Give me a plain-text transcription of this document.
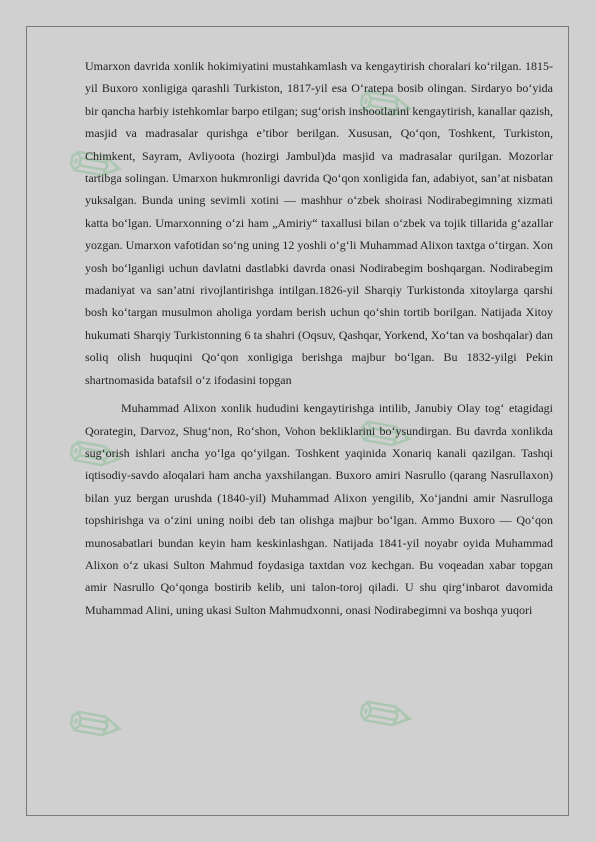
✎
✎
✎	✎
✎	✎

Umarxon davrida xonlik hokimiyatini mustahkamlash va kengaytirish choralari ko‘rilgan. 1815-yil Buxoro xonligiga qarashli Turkiston, 1817-yil esa O‘ratepa bosib olingan. Sirdaryo bo‘yida bir qancha harbiy istehkomlar barpo etilgan; sug‘orish inshootlarini kengaytirish, kanallar qazish, masjid va madrasalar qurishga e’tibor berilgan. Xususan, Qo‘qon, Toshkent, Turkiston, Chimkent, Sayram, Avliyoota (hozirgi Jambul)da masjid va madrasalar qurilgan. Mozorlar tartibga solingan. Umarxon hukmronligi davrida Qo‘qon xonligida fan, adabiyot, san’at nisbatan yuksalgan. Bunda uning sevimli xotini — mashhur o‘zbek shoirasi Nodirabegimning xizmati katta bo‘lgan. Umarxonning o‘zi ham „Amiriy“ taxallusi bilan o‘zbek va tojik tillarida g‘azallar yozgan. Umarxon vafotidan so‘ng uning 12 yoshli o‘g‘li Muhammad Alixon taxtga o‘tirgan. Xon yosh bo‘lganligi uchun davlatni dastlabki davrda onasi Nodirabegim boshqargan. Nodirabegim madaniyat va san’atni rivojlantirishga intilgan.1826-yil Sharqiy Turkistonda xitoylarga qarshi bosh ko‘targan musulmon aholiga yordam berish uchun qo‘shin tortib borilgan. Natijada Xitoy hukumati Sharqiy Turkistonning 6 ta shahri (Oqsuv, Qashqar, Yorkend, Xo‘tan va boshqalar) dan soliq olish huquqini Qo‘qon xonligiga berishga majbur bo‘lgan. Bu 1832-yilgi Pekin shartnomasida batafsil o‘z ifodasini topgan

Muhammad Alixon xonlik hududini kengaytirishga intilib, Janubiy Olay tog‘ etagidagi Qorategin, Darvoz, Shug‘non, Ro‘shon, Vohon bekliklarini bo‘ysundirgan. Bu davrda xonlikda sug‘orish ishlari ancha yo‘lga qo‘yilgan. Toshkent yaqinida Xonariq kanali qazilgan. Tashqi iqtisodiy-savdo aloqalari ham ancha yaxshilangan. Buxoro amiri Nasrullo (qarang Nasrullaxon) bilan yuz bergan urushda (1840-yil) Muhammad Alixon yengilib, Xo‘jandni amir Nasrulloga topshirishga va o‘zini uning noibi deb tan olishga majbur bo‘lgan. Ammo Buxoro — Qo‘qon munosabatlari bundan keyin ham keskinlashgan. Natijada 1841-yil noyabr oyida Muhammad Alixon o‘z ukasi Sulton Mahmud foydasiga taxtdan voz kechgan. Bu voqeadan xabar topgan amir Nasrullo Qo‘qonga bostirib kelib, uni talon-toroj qiladi. U shu qirg‘inbarot davomida Muhammad Alini, uning ukasi Sulton Mahmudxonni, onasi Nodirabegimni va boshqa yuqori
